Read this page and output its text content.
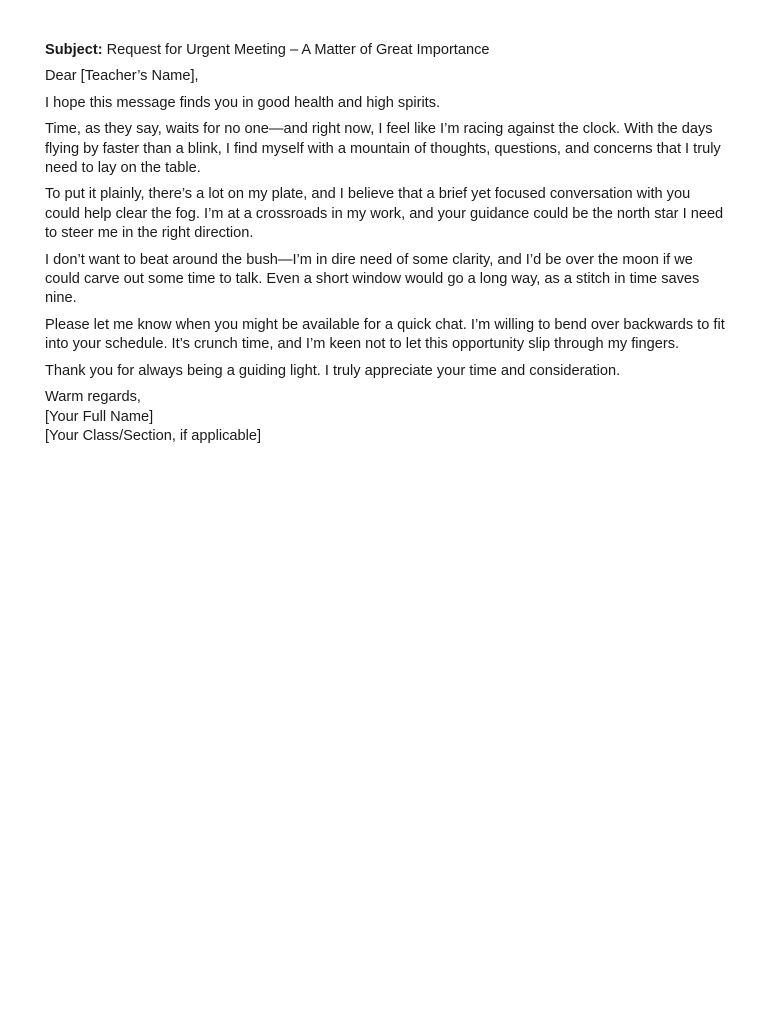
Subject: Request for Urgent Meeting – A Matter of Great Importance

Dear [Teacher’s Name],

I hope this message finds you in good health and high spirits.

Time, as they say, waits for no one—and right now, I feel like I’m racing against the clock. With the days flying by faster than a blink, I find myself with a mountain of thoughts, questions, and concerns that I truly need to lay on the table.

To put it plainly, there’s a lot on my plate, and I believe that a brief yet focused conversation with you could help clear the fog. I’m at a crossroads in my work, and your guidance could be the north star I need to steer me in the right direction.

I don’t want to beat around the bush—I’m in dire need of some clarity, and I’d be over the moon if we could carve out some time to talk. Even a short window would go a long way, as a stitch in time saves nine.

Please let me know when you might be available for a quick chat. I’m willing to bend over backwards to fit into your schedule. It’s crunch time, and I’m keen not to let this opportunity slip through my fingers.

Thank you for always being a guiding light. I truly appreciate your time and consideration.

Warm regards,
[Your Full Name]
[Your Class/Section, if applicable]
